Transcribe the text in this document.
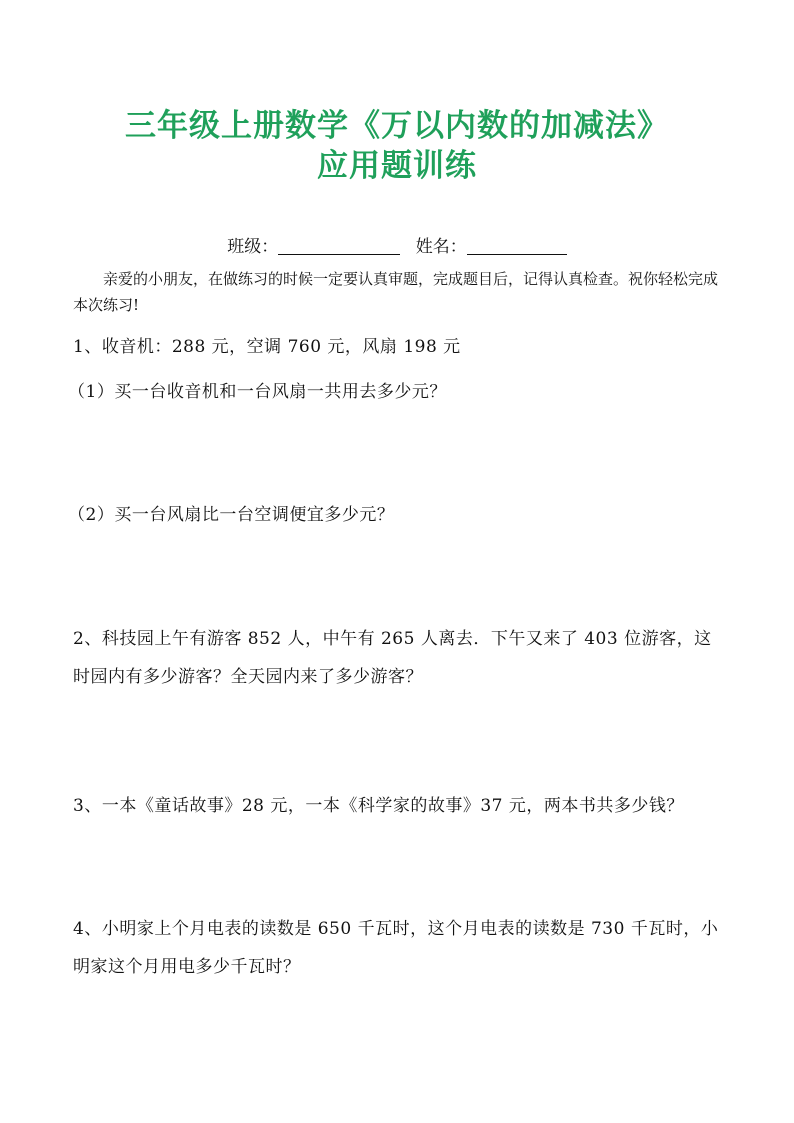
三年级上册数学《万以内数的加减法》
应用题训练
班级：	姓名：

亲爱的小朋友，在做练习的时候一定要认真审题，完成题目后，记得认真检查。祝你轻松完成本次练习!

1、收音机：288 元，空调 760 元，风扇 198 元

（1）买一台收音机和一台风扇一共用去多少元？

（2）买一台风扇比一台空调便宜多少元？

2、科技园上午有游客 852 人，中午有 265 人离去．下午又来了 403 位游客，这时园内有多少游客？全天园内来了多少游客？

3、一本《童话故事》28 元，一本《科学家的故事》37 元，两本书共多少钱？

4、小明家上个月电表的读数是 650 千瓦时，这个月电表的读数是 730 千瓦时，小明家这个月用电多少千瓦时？
